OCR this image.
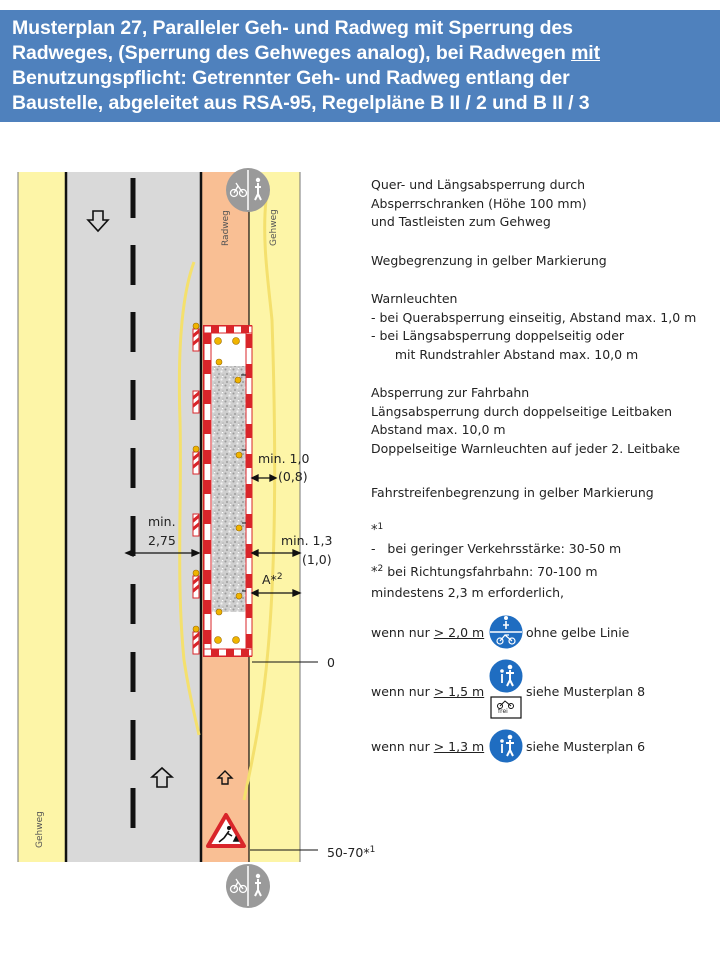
Musterplan 27, Paralleler Geh- und Radweg mit Sperrung des

Radweges, (Sperrung des Gehweges analog), bei Radwegen mit

Benutzungspflicht: Getrennter Geh- und Radweg entlang der

Baustelle, abgeleitet aus RSA-95, Regelpläne B II / 2 und B II / 3

Radweg	Gehweg
Gehweg
min. 1,0
(0,8)
min.
2,75	min. 1,3
(1,0)
A*$^2$
0
50-70*$^1$
Quer- und Längsabsperrung durch
Absperrschranken (Höhe 100 mm)
und Tastleisten zum Gehweg
Wegbegrenzung in gelber Markierung
Warnleuchten
- bei Querabsperrung einseitig, Abstand max. 1,0 m
- bei Längsabsperrung doppelseitig oder
mit Rundstrahler Abstand max. 10,0 m
Absperrung zur Fahrbahn
Längsabsperrung durch doppelseitige Leitbaken
Abstand max. 10,0 m
Doppelseitige Warnleuchten auf jeder 2. Leitbake
Fahrstreifenbegrenzung in gelber Markierung
*$^1$
-   bei geringer Verkehrsstärke: 30-50 m
*$^2$ bei Richtungsfahrbahn: 70-100 m
mindestens 2,3 m erforderlich,
wenn nur > 2,0 m	ohne gelbe Linie
wenn nur > 1,5 m	siehe Musterplan 8
frei
wenn nur > 1,3 m	siehe Musterplan 6
